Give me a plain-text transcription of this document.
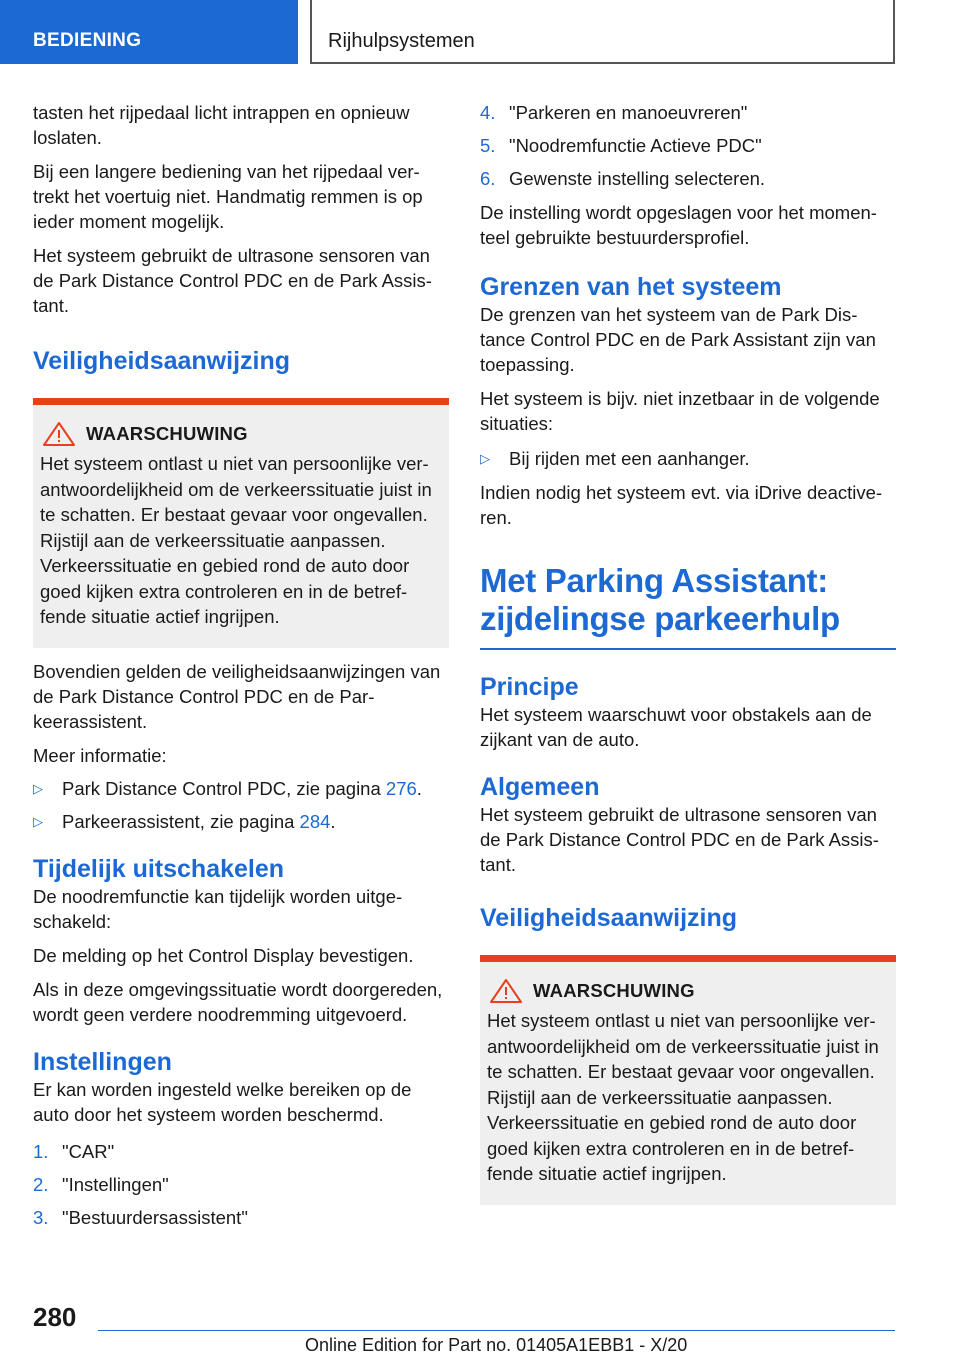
BEDIENING	Rijhulpsystemen

tasten het rijpedaal licht intrappen en opnieuw loslaten.

Bij een langere bediening van het rijpedaal vertrekt het voertuig niet. Handmatig remmen is op ieder moment mogelijk.

Het systeem gebruikt de ultrasone sensoren van de Park Distance Control PDC en de Park Assistant.

Veiligheidsaanwijzing
WAARSCHUWING

Het systeem ontlast u niet van persoonlijke verantwoordelijkheid om de verkeerssituatie juist in te schatten. Er bestaat gevaar voor ongevallen. Rijstijl aan de verkeerssituatie aanpassen. Verkeerssituatie en gebied rond de auto door goed kijken extra controleren en in de betreffende situatie actief ingrijpen.

Bovendien gelden de veiligheidsaanwijzingen van de Park Distance Control PDC en de Parkeerassistent.

Meer informatie:

▷	Park Distance Control PDC, zie pagina 276.
▷	Parkeerassistent, zie pagina 284.
Tijdelijk uitschakelen

De noodremfunctie kan tijdelijk worden uitgeschakeld:

De melding op het Control Display bevestigen.

Als in deze omgevingssituatie wordt doorgereden, wordt geen verdere noodremming uitgevoerd.

Instellingen

Er kan worden ingesteld welke bereiken op de auto door het systeem worden beschermd.

1. "CAR"
2. "Instellingen"
3. "Bestuurdersassistent"
4. "Parkeren en manoeuvreren"
5. "Noodremfunctie Actieve PDC"
6. Gewenste instelling selecteren.

De instelling wordt opgeslagen voor het momenteel gebruikte bestuurdersprofiel.

Grenzen van het systeem

De grenzen van het systeem van de Park Distance Control PDC en de Park Assistant zijn van toepassing.

Het systeem is bijv. niet inzetbaar in de volgende situaties:

▷	Bij rijden met een aanhanger.

Indien nodig het systeem evt. via iDrive deactiveren.

Met Parking Assistant: zijdelingse parkeerhulp
Principe

Het systeem waarschuwt voor obstakels aan de zijkant van de auto.

Algemeen

Het systeem gebruikt de ultrasone sensoren van de Park Distance Control PDC en de Park Assistant.

Veiligheidsaanwijzing
WAARSCHUWING

Het systeem ontlast u niet van persoonlijke verantwoordelijkheid om de verkeerssituatie juist in te schatten. Er bestaat gevaar voor ongevallen. Rijstijl aan de verkeerssituatie aanpassen. Verkeerssituatie en gebied rond de auto door goed kijken extra controleren en in de betreffende situatie actief ingrijpen.

280
Online Edition for Part no. 01405A1EBB1 - X/20
